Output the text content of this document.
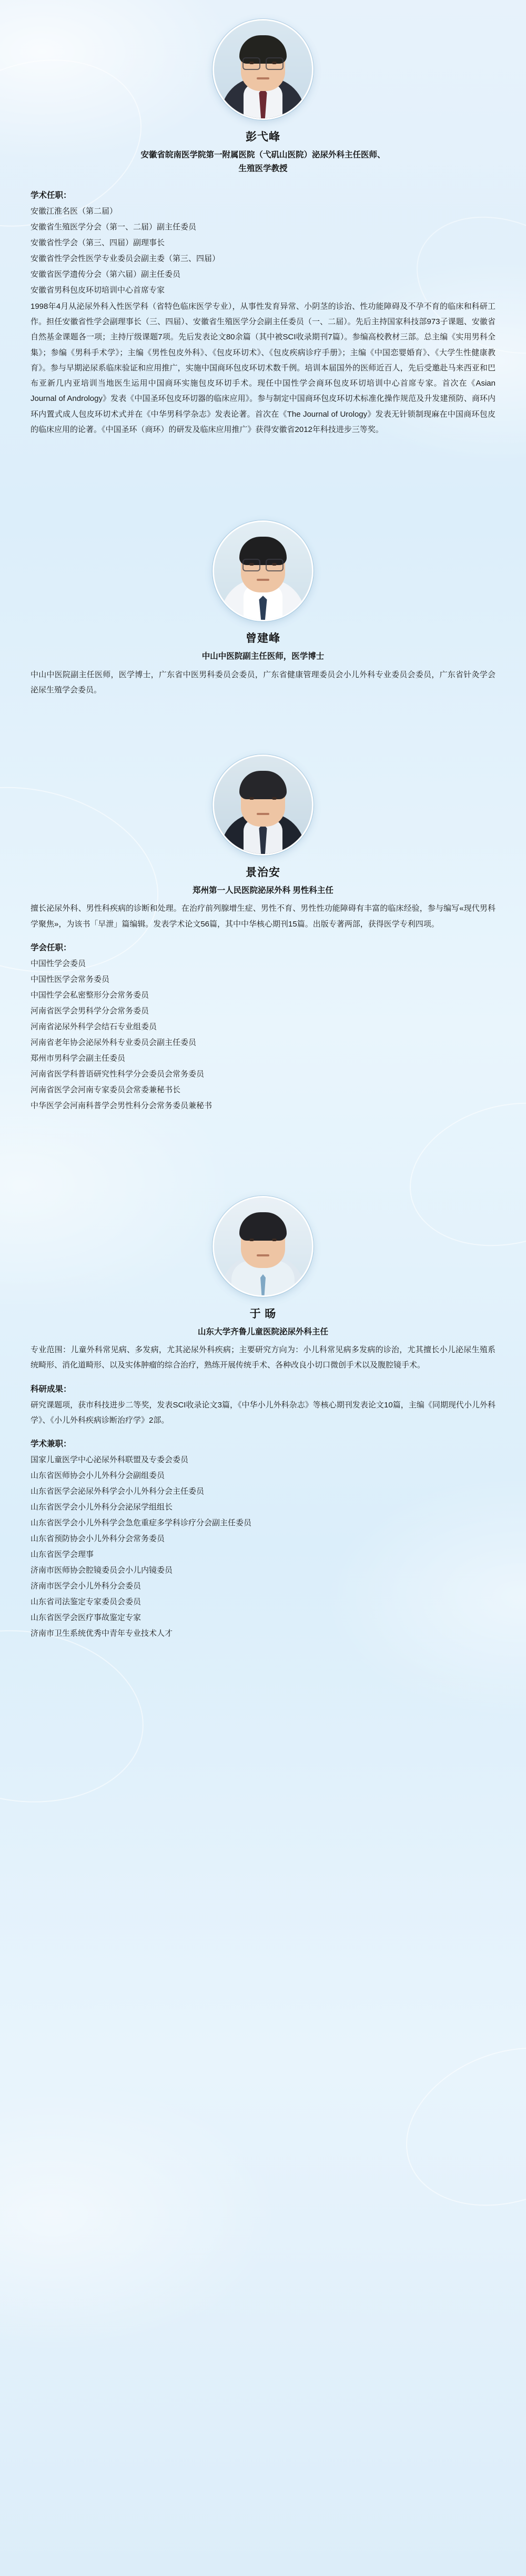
彭弋峰
安徽省皖南医学院第一附属医院（弋矶山医院）泌尿外科主任医师、
生殖医学教授
学术任职：
安徽江淮名医（第二届）
安徽省生殖医学分会（第一、二届）副主任委员
安徽省性学会（第三、四届）副理事长
安徽省性学会性医学专业委员会副主委（第三、四届）
安徽省医学遗传分会（第六届）副主任委员

安徽省男科包皮环切培训中心首席专家

1998年4月从泌尿外科入性医学科（省特色临床医学专业），从事性发育异常、小阴茎的诊治、性功能障碍及不孕不育的临床和科研工作。担任安徽省性学会副理事长（三、四届）、安徽省生殖医学分会副主任委员（一、二届）。先后主持国家科技部973子课题、安徽省自然基金课题各一项；主持厅级课题7项。先后发表论文80余篇（其中被SCI收录期刊7篇）。参编高校教材三部。总主编《实用男科全集》；参编《男科手术学》；主编《男性包皮外科》、《包皮环切术》、《包皮疾病诊疗手册》；主编《中国恋婴婚育》、《大学生性健康教育》。参与早期泌尿系临床验证和应用推广，实施中国商环包皮环切术数千例。培训本届国外的医师近百人，先后受邀赴马来西亚和巴布亚新几内亚培训当地医生运用中国商环实施包皮环切手术。现任中国性学会商环包皮环切培训中心首席专家。首次在《Asian Journal of Andrology》发表《中国圣环包皮环切器的临床应用》。参与制定中国商环包皮环切术标准化操作规范及升发建预防、商环内环内置式成人包皮环切术式并在《中华男科学杂志》发表论著。首次在《The Journal of Urology》发表无针锁制现麻在中国商环包皮的临床应用的论著。《中国圣环（商环）的研发及临床应用推广》获得安徽省2012年科技进步三等奖。

曾建峰
中山中医院副主任医师，医学博士

中山中医院副主任医师，医学博士，广东省中医男科委员会委员，广东省健康管理委员会小儿外科专业委员会委员，广东省针灸学会泌尿生殖学会委员。

景治安
郑州第一人民医院泌尿外科 男性科主任

擅长泌尿外科、男性科疾病的诊断和处理。在治疗前列腺增生症、男性不育、男性性功能障碍有丰富的临床经验，参与编写«现代男科学聚焦»，为该书「早泄」篇编辑。发表学术论文56篇，其中中华核心期刊15篇。出版专著两部，获得医学专利四项。

学会任职：
中国性学会委员
中国性医学会常务委员
中国性学会私密整形分会常务委员
河南省医学会男科学分会常务委员
河南省泌尿外科学会结石专业组委员
河南省老年协会泌尿外科专业委员会副主任委员
郑州市男科学会副主任委员
河南省医学科普语研究性科学分会委员会常务委员
河南省医学会河南专家委员会常委兼秘书长
中华医学会河南科普学会男性科分会常务委员兼秘书
于 旸
山东大学齐鲁儿童医院泌尿外科主任

专业范围：儿童外科常见病、多发病，尤其泌尿外科疾病；主要研究方向为：小儿科常见病多发病的诊治，尤其擅长小儿泌尿生殖系统畸形、消化道畸形、以及实体肿瘤的综合治疗，熟练开展传统手术、各种改良小切口微创手术以及腹腔镜手术。

科研成果：

研究课题项，获市科技进步二等奖，发表SCI收录论文3篇，《中华小儿外科杂志》等核心期刊发表论文10篇，主编《同期现代小儿外科学》、《小儿外科疾病诊断治疗学》2部。

学术兼职：
国家儿童医学中心泌尿外科联盟及专委会委员
山东省医师协会小儿外科分会副组委员
山东省医学会泌尿外科学会小儿外科分会主任委员
山东省医学会小儿外科分会泌尿学组组长
山东省医学会小儿外科学会急危重症多学科诊疗分会副主任委员
山东省预防协会小儿外科分会常务委员
山东省医学会理事
济南市医师协会腔镜委员会小儿内镜委员
济南市医学会小儿外科分会委员
山东省司法鉴定专家委员会委员
山东省医学会医疗事故鉴定专家
济南市卫生系统优秀中青年专业技术人才
